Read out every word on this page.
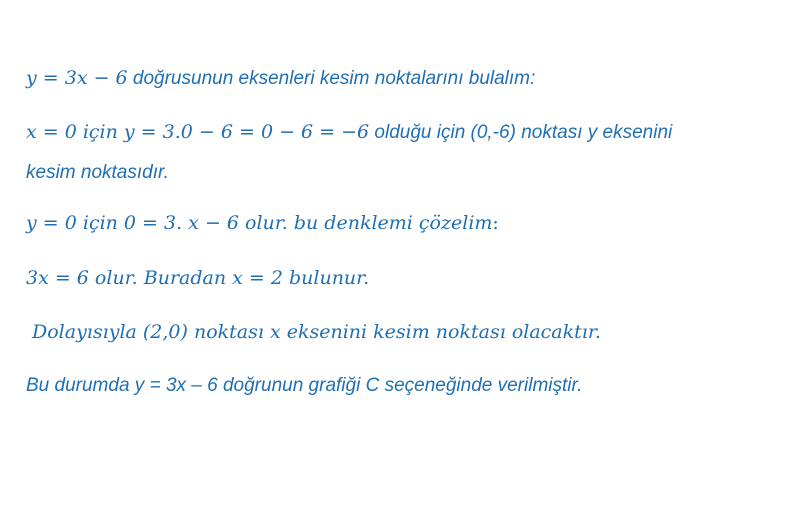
y = 3x − 6 doğrusunun eksenleri kesim noktalarını bulalım:
x = 0 için y = 3.0 − 6 = 0 − 6 = −6 olduğu için (0,-6) noktası y eksenini
kesim noktasıdır.
y = 0 için 0 = 3. x − 6 olur. bu denklemi çözelim:
3x = 6 olur. Buradan x = 2 bulunur.
Dolayısıyla (2,0) noktası x eksenini kesim noktası olacaktır.
Bu durumda y = 3x – 6 doğrunun grafiği C seçeneğinde verilmiştir.
